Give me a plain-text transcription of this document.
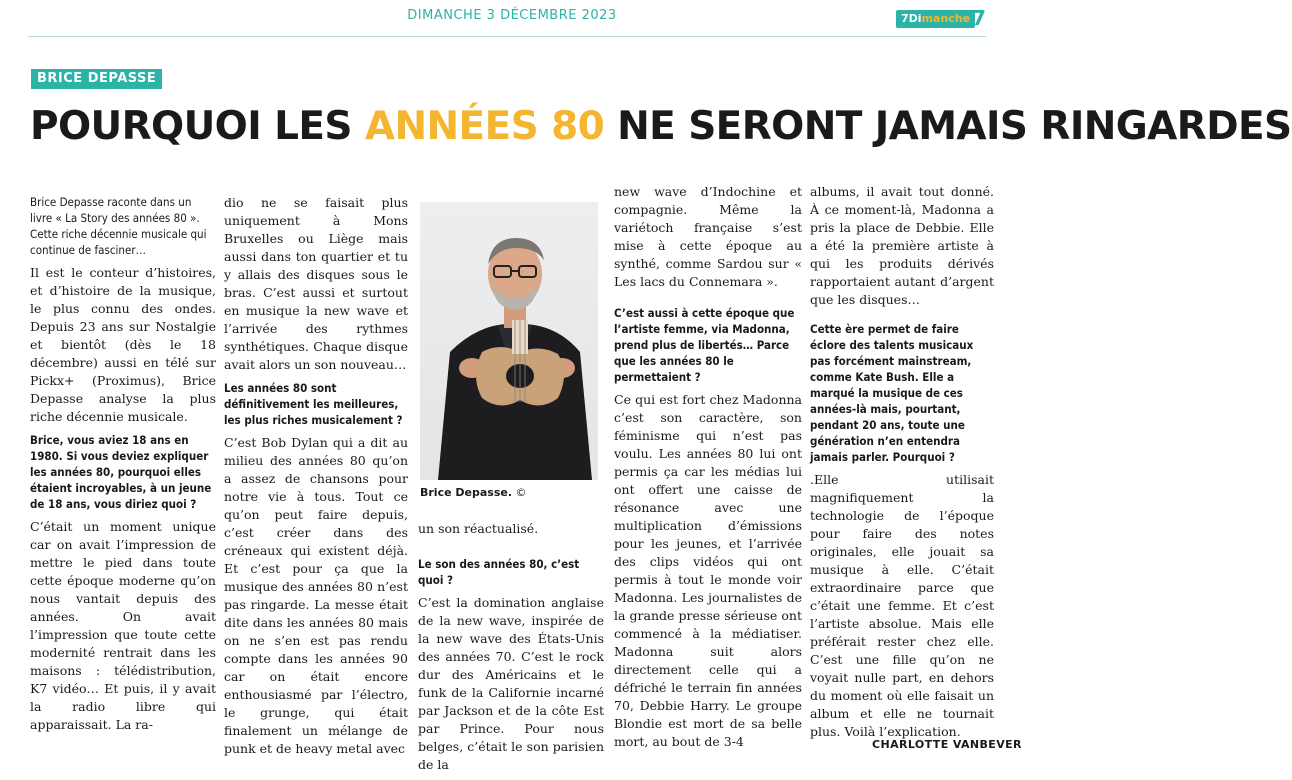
DIMANCHE 3 DÉCEMBRE 2023	7Dimanche 7
BRICE DEPASSE
POURQUOI LES ANNÉES 80 NE SERONT JAMAIS RINGARDES

Brice Depasse raconte dans un livre « La Story des années 80 ». Cette riche décennie musicale qui continue de fasciner…

Il est le conteur d’histoires, et d’histoire de la musique, le plus connu des ondes. Depuis 23 ans sur Nostalgie et bientôt (dès le 18 décembre) aussi en télé sur Pickx+ (Proximus), Brice Depasse analyse la plus riche décennie musicale.

Brice, vous aviez 18 ans en 1980. Si vous deviez expliquer les années 80, pourquoi elles étaient incroyables, à un jeune de 18 ans, vous diriez quoi ?

C’était un moment unique car on avait l’impression de mettre le pied dans toute cette époque moderne qu’on nous vantait depuis des années. On avait l’impression que toute cette modernité rentrait dans les maisons : télédistribution, K7 vidéo… Et puis, il y avait la radio libre qui apparaissait. La ra-

dio ne se faisait plus uniquement à Mons Bruxelles ou Liège mais aussi dans ton quartier et tu y allais des disques sous le bras. C’est aussi et surtout en musique la new wave et l’arrivée des rythmes synthétiques. Chaque disque avait alors un son nouveau…

Les années 80 sont définitivement les meilleures, les plus riches musicalement ?

C’est Bob Dylan qui a dit au milieu des années 80 qu’on a assez de chansons pour notre vie à tous. Tout ce qu’on peut faire depuis, c’est créer dans des créneaux qui existent déjà. Et c’est pour ça que la musique des années 80 n’est pas ringarde. La messe était dite dans les années 80 mais on ne s’en est pas rendu compte dans les années 90 car on était encore enthousiasmé par l’électro, le grunge, qui était finalement un mélange de punk et de heavy metal avec

Brice Depasse. ©

un son réactualisé.

Le son des années 80, c’est quoi ?

C’est la domination anglaise de la new wave, inspirée de la new wave des États-Unis des années 70. C’est le rock dur des Américains et le funk de la Californie incarné par Jackson et de la côte Est par Prince. Pour nous belges, c’était le son parisien de la

new wave d’Indochine et compagnie. Même la variétoch française s’est mise à cette époque au synthé, comme Sardou sur « Les lacs du Connemara ».

C’est aussi à cette époque que l’artiste femme, via Madonna, prend plus de libertés… Parce que les années 80 le permettaient ?

Ce qui est fort chez Madonna c’est son caractère, son féminisme qui n’est pas voulu. Les années 80 lui ont permis ça car les médias lui ont offert une caisse de résonance avec une multiplication d’émissions pour les jeunes, et l’arrivée des clips vidéos qui ont permis à tout le monde voir Madonna. Les journalistes de la grande presse sérieuse ont commencé à la médiatiser. Madonna suit alors directement celle qui a défriché le terrain fin années 70, Debbie Harry. Le groupe Blondie est mort de sa belle mort, au bout de 3-4

albums, il avait tout donné. À ce moment-là, Madonna a pris la place de Debbie. Elle a été la première artiste à qui les produits dérivés rapportaient autant d’argent que les disques…

Cette ère permet de faire éclore des talents musicaux pas forcément mainstream, comme Kate Bush. Elle a marqué la musique de ces années-là mais, pourtant, pendant 20 ans, toute une génération n’en entendra jamais parler. Pourquoi ?

.Elle utilisait magnifiquement la technologie de l’époque pour faire des notes originales, elle jouait sa musique à elle. C’était extraordinaire parce que c’était une femme. Et c’est l’artiste absolue. Mais elle préférait rester chez elle. C’est une fille qu’on ne voyait nulle part, en dehors du moment où elle faisait un album et elle ne tournait plus. Voilà l’explication.

CHARLOTTE VANBEVER
